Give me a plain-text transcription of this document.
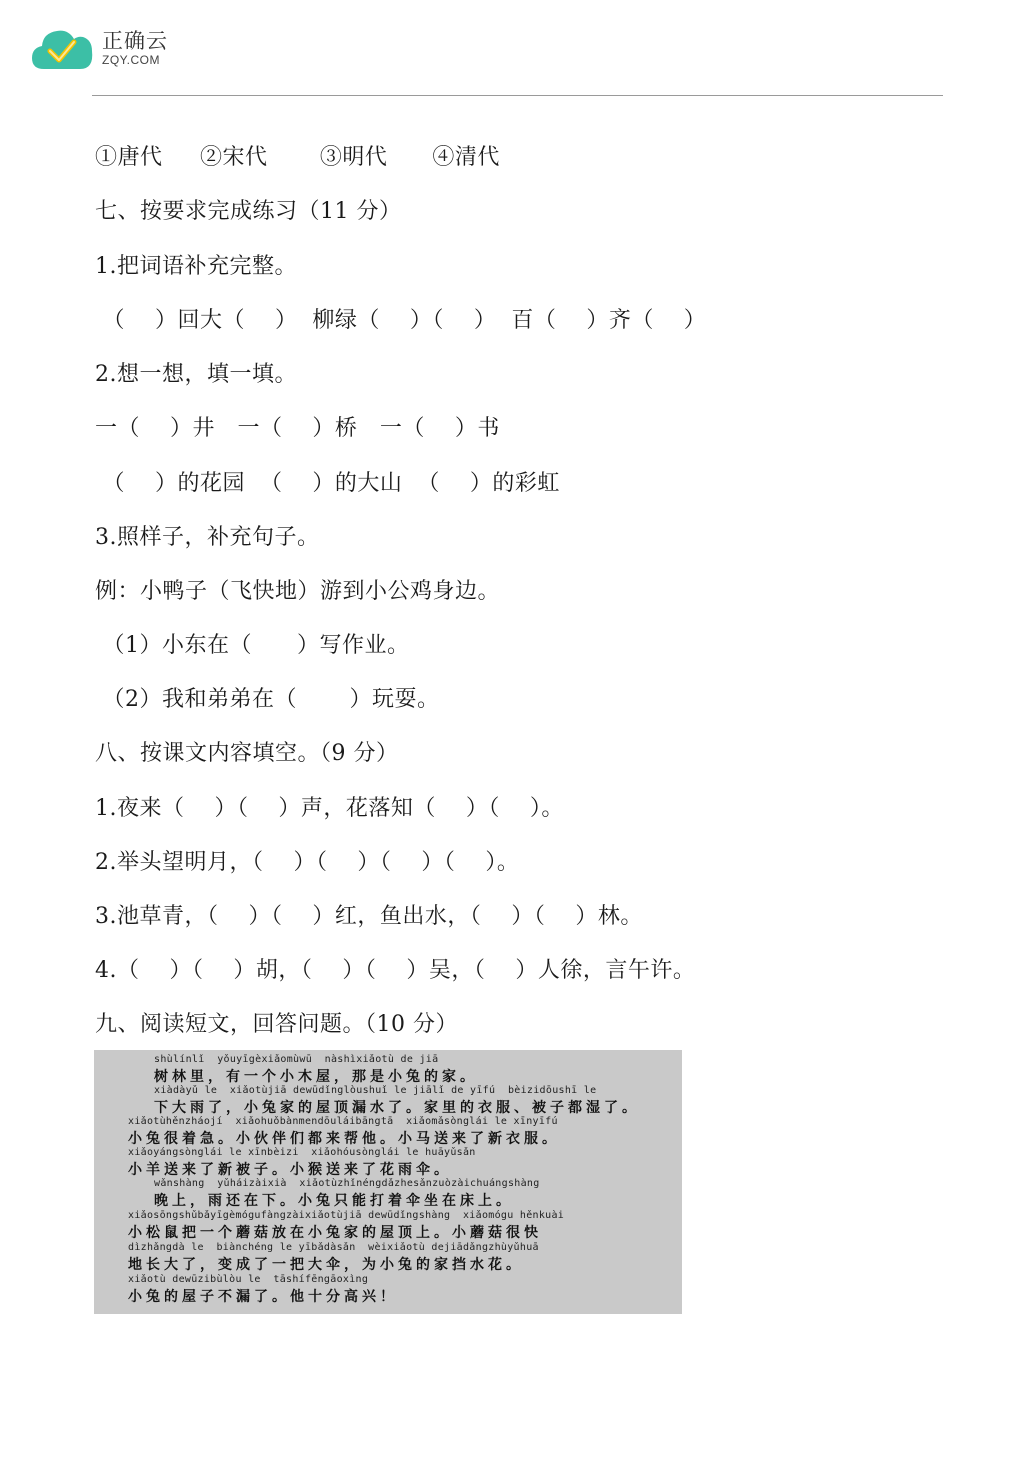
正确云
ZQY.COM
①唐代     ②宋代       ③明代      ④清代
七、按要求完成练习（11 分）
1.把词语补充完整。
（    ）回大（    ）  柳绿（    ）（    ）  百（    ）齐（    ）
2.想一想，填一填。
一（    ）井   一（    ）桥   一（    ）书
（    ）的花园  （    ）的大山  （    ）的彩虹
3.照样子，补充句子。
例：小鸭子（飞快地）游到小公鸡身边。
（1）小东在（      ）写作业。
（2）我和弟弟在（       ）玩耍。
八、按课文内容填空。（9 分）
1.夜来（    ）（    ）声，花落知（    ）（    ）。
2.举头望明月，（    ）（    ）（    ）（    ）。
3.池草青，（    ）（    ）红，鱼出水，（    ）（    ）林。
4.（    ）（    ）胡，（    ）（    ）吴，（    ）人徐，言午许。
九、阅读短文，回答问题。（10 分）
shùlínlǐ  yǒuyīgèxiǎomùwū  nàshìxiǎotù de jiā
树林里，有一个小木屋，那是小兔的家。
xiàdàyǔ le  xiǎotùjiā dewūdǐnglòushuǐ le jiālǐ de yīfú  bèizidōushī le
下大雨了，小兔家的屋顶漏水了。家里的衣服、被子都湿了。
xiǎotùhěnzháojí  xiǎohuǒbànmendōuláibāngtā  xiǎomǎsònglái le xīnyīfú
小兔很着急。小伙伴们都来帮他。小马送来了新衣服。
xiǎoyángsònglái le xīnbèizi  xiǎohóusònglái le huāyǔsǎn
小羊送来了新被子。小猴送来了花雨伞。
wǎnshàng  yǔháizàixià  xiǎotùzhǐnéngdǎzhesǎnzuòzàichuángshàng
晚上，雨还在下。小兔只能打着伞坐在床上。
xiǎosōngshǔbǎyīgèmógufàngzàixiǎotùjiā dewūdǐngshàng  xiǎomógu hěnkuài
小松鼠把一个蘑菇放在小兔家的屋顶上。小蘑菇很快
dìzhǎngdà le  biànchéng le yībǎdàsǎn  wèixiǎotù dejiādǎngzhùyǔhuā
地长大了，变成了一把大伞，为小兔的家挡水花。
xiǎotù dewūzibùlòu le  tāshífēngāoxìng
小兔的屋子不漏了。他十分高兴！
